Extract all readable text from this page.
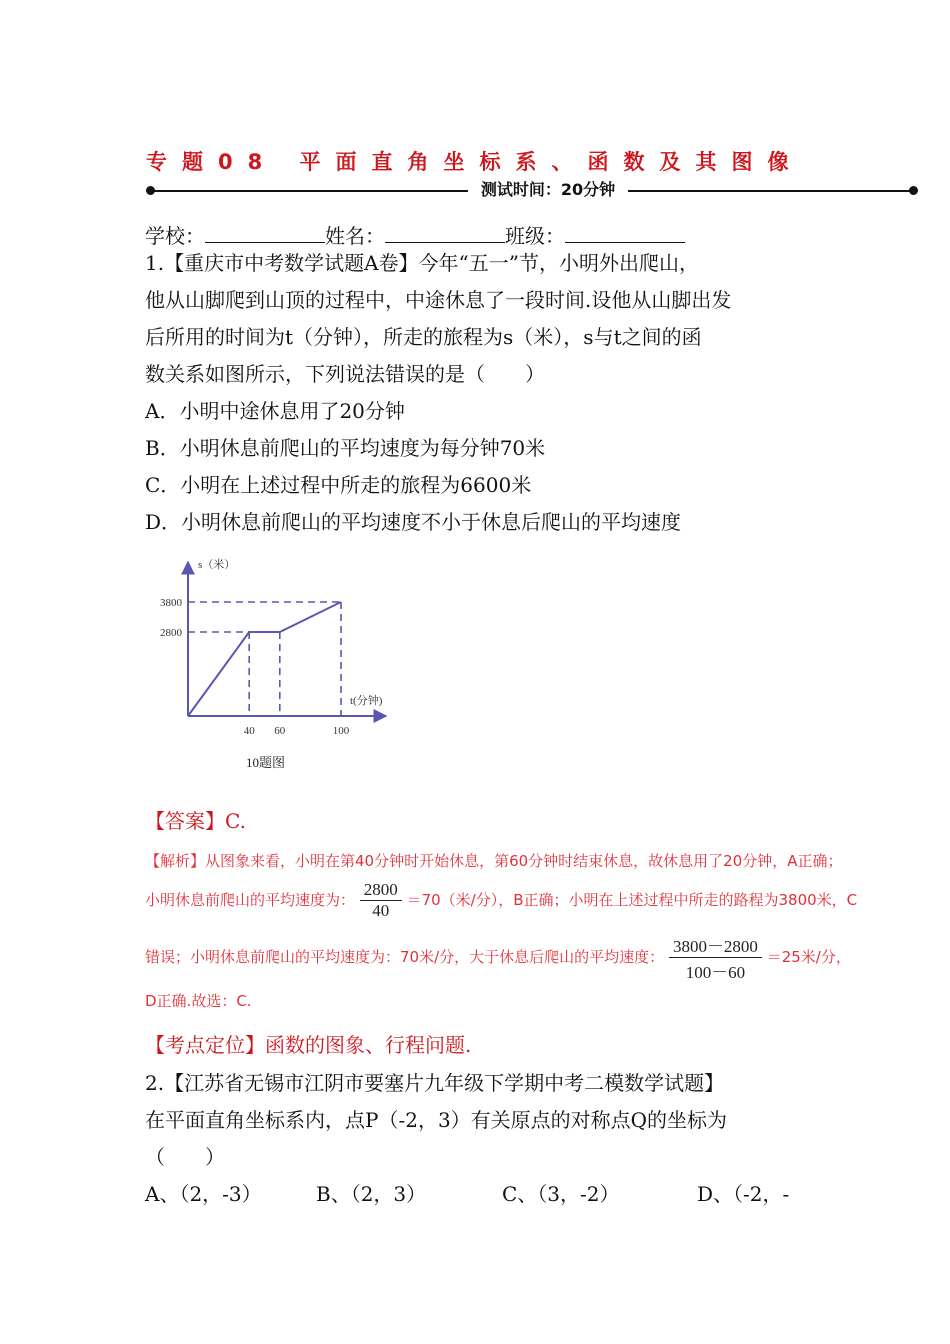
专题08 平面直角坐标系、函数及其图像
测试时间：20分钟
学校：	姓名：	班级：
1.【重庆市中考数学试题A卷】今年“五一”节，小明外出爬山，
他从山脚爬到山顶的过程中，中途休息了一段时间.设他从山脚出发
后所用的时间为t（分钟），所走的旅程为s（米），s与t之间的函
数关系如图所示，下列说法错误的是（　　）
A．小明中途休息用了20分钟
B．小明休息前爬山的平均速度为每分钟70米
C．小明在上述过程中所走的旅程为6600米
D．小明休息前爬山的平均速度不小于休息后爬山的平均速度
2800
3800
40 60	100
s（米）
t(分钟)
10题图
【答案】C.
【解析】从图象来看，小明在第40分钟时开始休息，第60分钟时结束休息，故休息用了20分钟，A正确；
小明休息前爬山的平均速度为： $\frac{2800}{40} =70$（米/分），B正确；小明在上述过程中所走的路程为3800米，C
错误；小明休息前爬山的平均速度为：70米/分，大于休息后爬山的平均速度： $\frac{3800-2800}{100-60} =25$米/分，
D正确.故选：C.
【考点定位】函数的图象、行程问题.
2.【江苏省无锡市江阴市要塞片九年级下学期中考二模数学试题】
在平面直角坐标系内，点P（-2，3）有关原点的对称点Q的坐标为
（　　）
A、（2，-3）	B、（2，3）	C、（3，-2）	D、（-2，-
